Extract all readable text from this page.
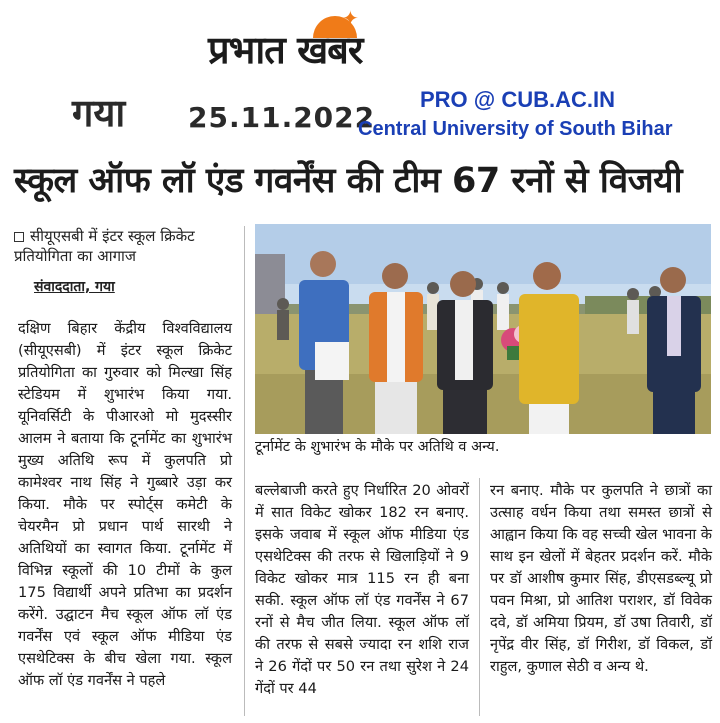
✦
प्रभात खबर
गया 25.11.2022
PRO @ CUB.AC.IN
Central University of South Bihar
स्कूल ऑफ लॉ एंड गवर्नेंस की टीम 67 रनों से विजयी
सीयूएसबी में इंटर स्कूल क्रिकेट प्रतियोगिता का आगाज
संवाददाता, गया
टूर्नामेंट के शुभारंभ के मौके पर अतिथि व अन्य.
दक्षिण बिहार केंद्रीय विश्वविद्यालय (सीयूएसबी) में इंटर स्कूल क्रिकेट प्रतियोगिता का गुरुवार को मिल्खा सिंह स्टेडियम में शुभारंभ किया गया. यूनिवर्सिटी के पीआरओ मो मुदस्सीर आलम ने बताया कि टूर्नामेंट का शुभारंभ मुख्य अतिथि रूप में कुलपति प्रो कामेश्वर नाथ सिंह ने गुब्बारे उड़ा कर किया. मौके पर स्पोर्ट्स कमेटी के चेयरमैन प्रो प्रधान पार्थ सारथी ने अतिथियों का स्वागत किया. टूर्नामेंट में विभिन्न स्कूलों की 10 टीमों के कुल 175 विद्यार्थी अपने प्रतिभा का प्रदर्शन करेंगे. उद्घाटन मैच स्कूल ऑफ लॉ एंड गवर्नेंस एवं स्कूल ऑफ मीडिया एंड एसथेटिक्स के बीच खेला गया. स्कूल ऑफ लॉ एंड गवर्नेंस ने पहले
बल्लेबाजी करते हुए निर्धारित 20 ओवरों में सात विकेट खोकर 182 रन बनाए. इसके जवाब में स्कूल ऑफ मीडिया एंड एसथेटिक्स की तरफ से खिलाड़ियों ने 9 विकेट खोकर मात्र 115 रन ही बना सकी. स्कूल ऑफ लॉ एंड गवर्नेंस ने 67 रनों से मैच जीत लिया. स्कूल ऑफ लॉ की तरफ से सबसे ज्यादा रन शशि राज ने 26 गेंदों पर 50 रन तथा सुरेश ने 24 गेंदों पर 44
रन बनाए. मौके पर कुलपति ने छात्रों का उत्साह वर्धन किया तथा समस्त छात्रों से आह्वान किया कि वह सच्ची खेल भावना के साथ इन खेलों में बेहतर प्रदर्शन करें. मौके पर डॉ आशीष कुमार सिंह, डीएसडब्ल्यू प्रो पवन मिश्रा, प्रो आतिश पराशर, डॉ विवेक दवे, डॉ अमिया प्रियम, डॉ उषा तिवारी, डॉ नृपेंद्र वीर सिंह, डॉ गिरीश, डॉ विकल, डॉ राहुल, कुणाल सेठी व अन्य थे.
